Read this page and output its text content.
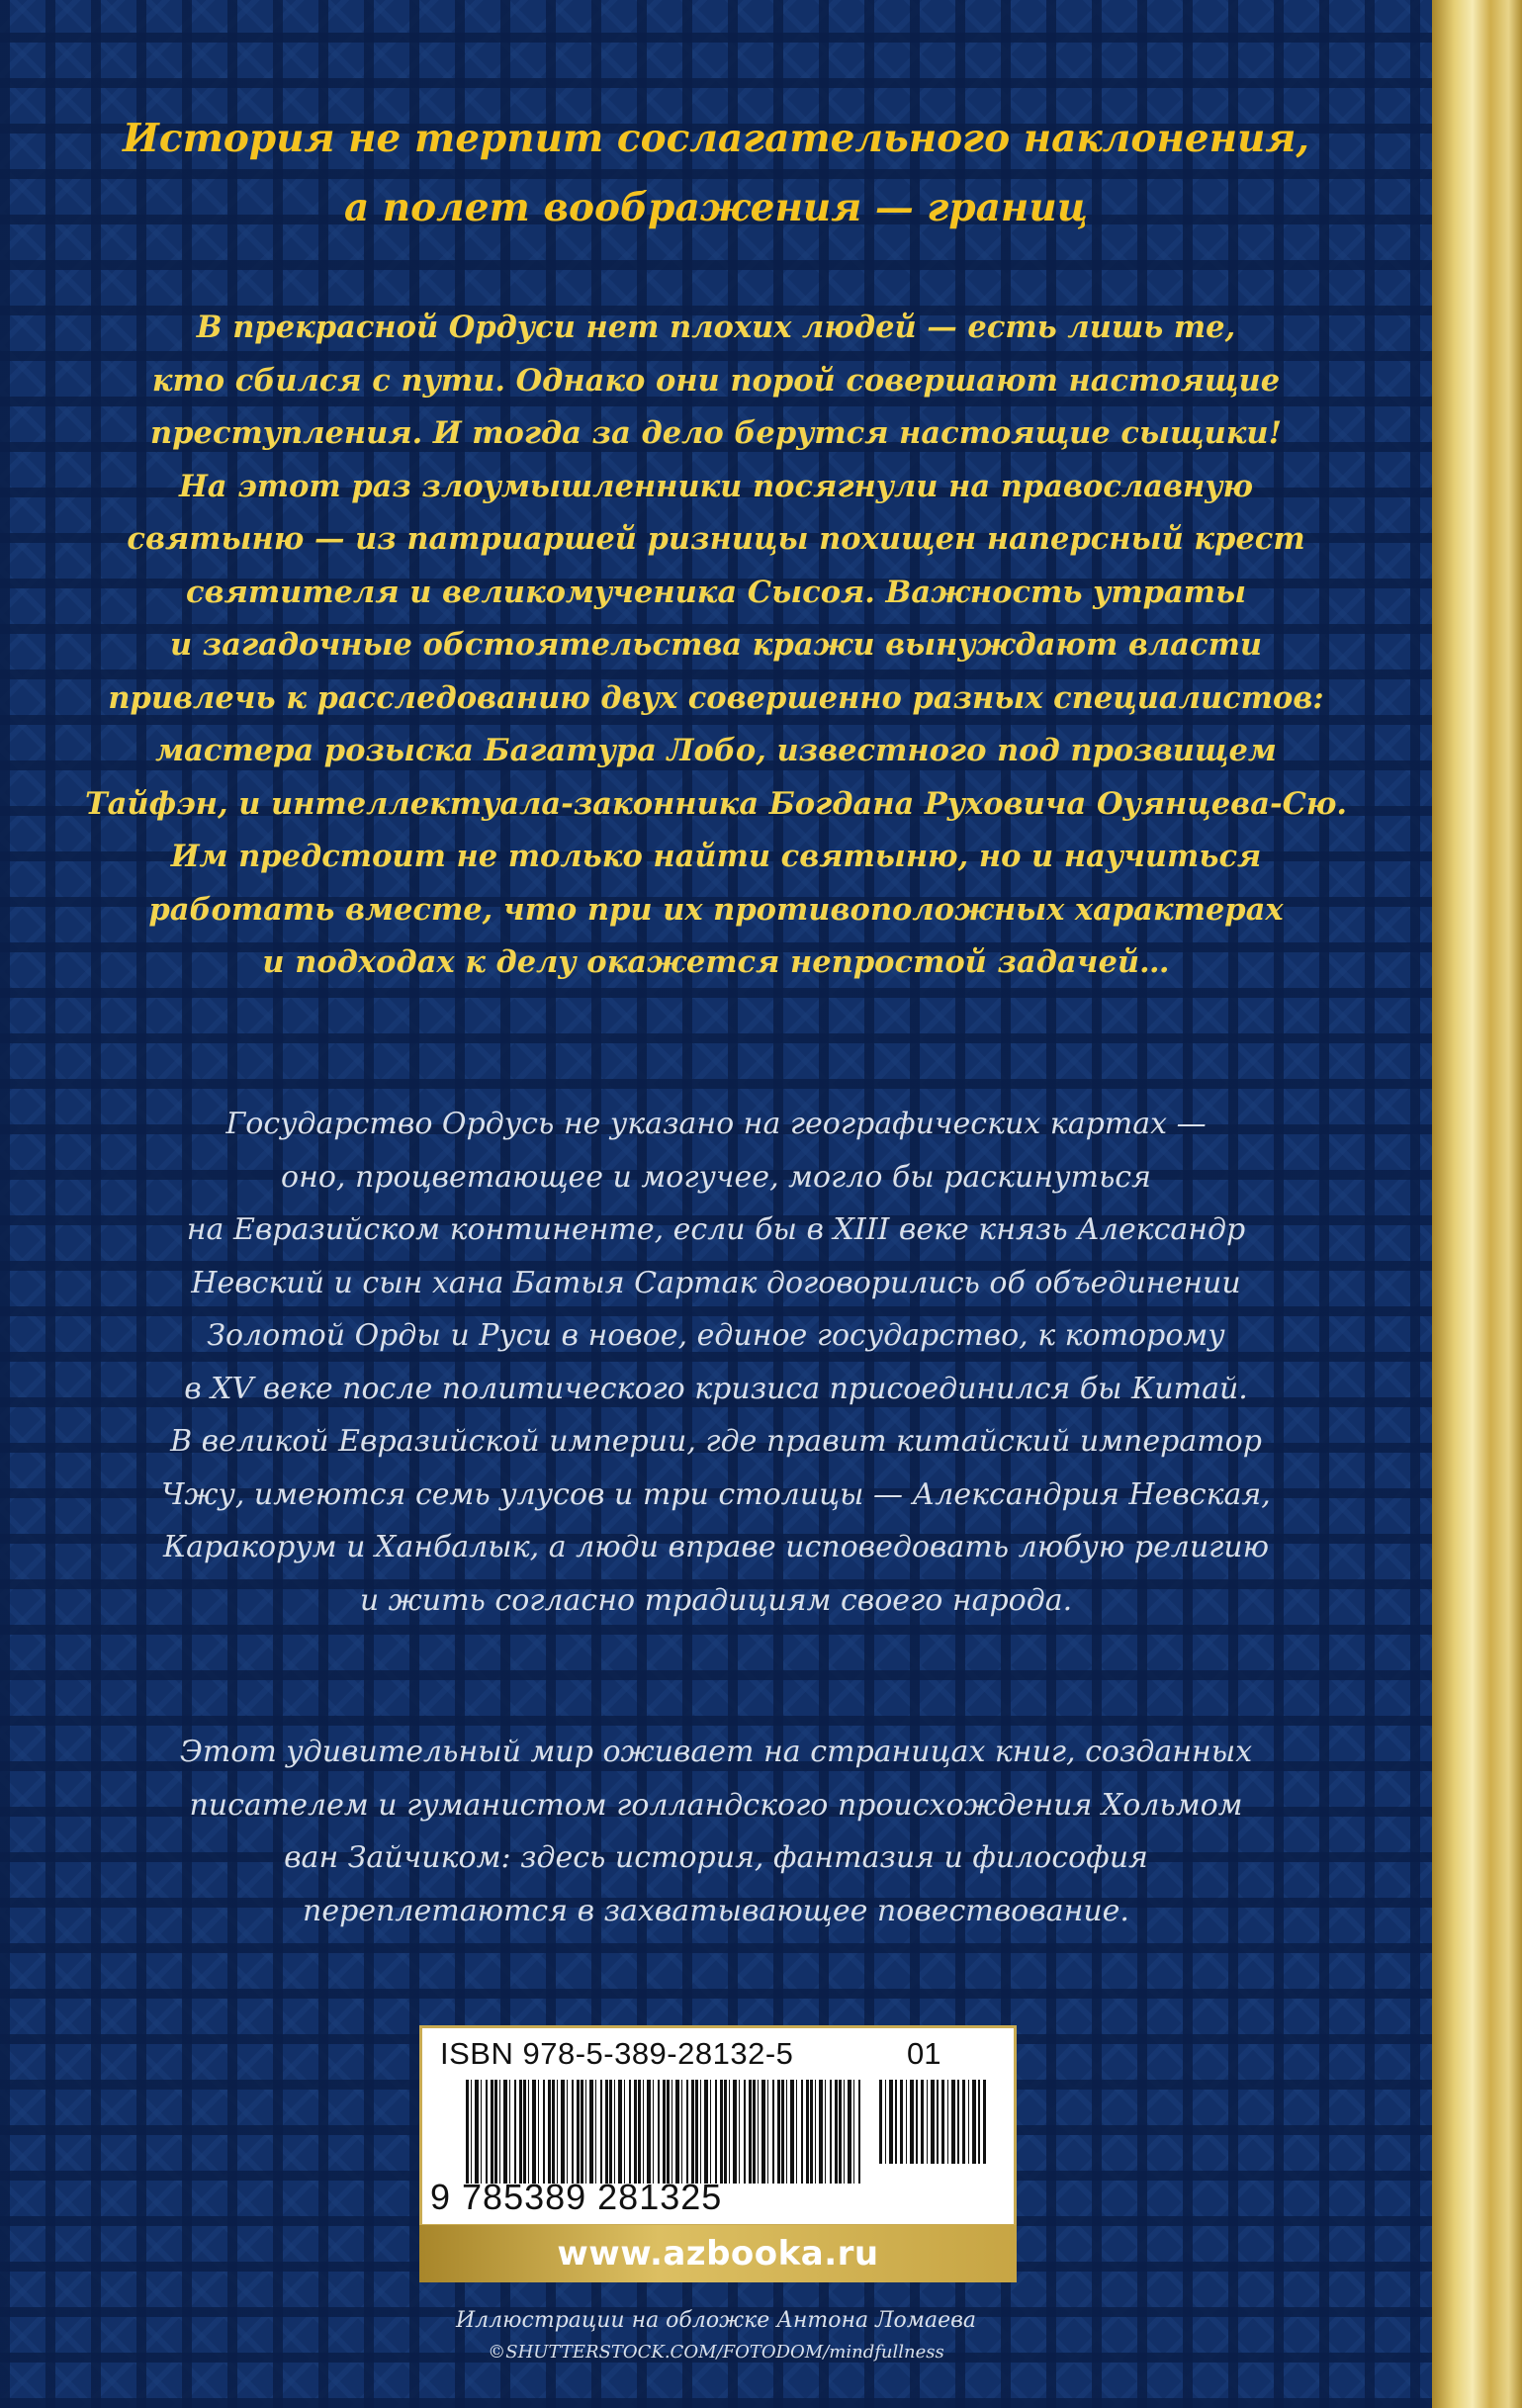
История не терпит сослагательного наклонения,
а полет воображения — границ
В прекрасной Ордуси нет плохих людей — есть лишь те,
кто сбился с пути. Однако они порой совершают настоящие
преступления. И тогда за дело берутся настоящие сыщики!
На этот раз злоумышленники посягнули на православную
святыню — из патриаршей ризницы похищен наперсный крест
святителя и великомученика Сысоя. Важность утраты
и загадочные обстоятельства кражи вынуждают власти
привлечь к расследованию двух совершенно разных специалистов:
мастера розыска Багатура Лобо, известного под прозвищем
Тайфэн, и интеллектуала-законника Богдана Руховича Оуянцева-Сю.
Им предстоит не только найти святыню, но и научиться
работать вместе, что при их противоположных характерах
и подходах к делу окажется непростой задачей…
Государство Ордусь не указано на географических картах —
оно, процветающее и могучее, могло бы раскинуться
на Евразийском континенте, если бы в XIII веке князь Александр
Невский и сын хана Батыя Сартак договорились об объединении
Золотой Орды и Руси в новое, единое государство, к которому
в XV веке после политического кризиса присоединился бы Китай.
В великой Евразийской империи, где правит китайский император
Чжу, имеются семь улусов и три столицы — Александрия Невская,
Каракорум и Ханбалык, а люди вправе исповедовать любую религию
и жить согласно традициям своего народа.
Этот удивительный мир оживает на страницах книг, созданных
писателем и гуманистом голландского происхождения Хольмом
ван Зайчиком: здесь история, фантазия и философия
переплетаются в захватывающее повествование.
ISBN 978-5-389-28132-5	01
9 785389 281325
www.azbooka.ru
Иллюстрации на обложке Антона Ломаева
©SHUTTERSTOCK.COM/FOTODOM/mindfullness
